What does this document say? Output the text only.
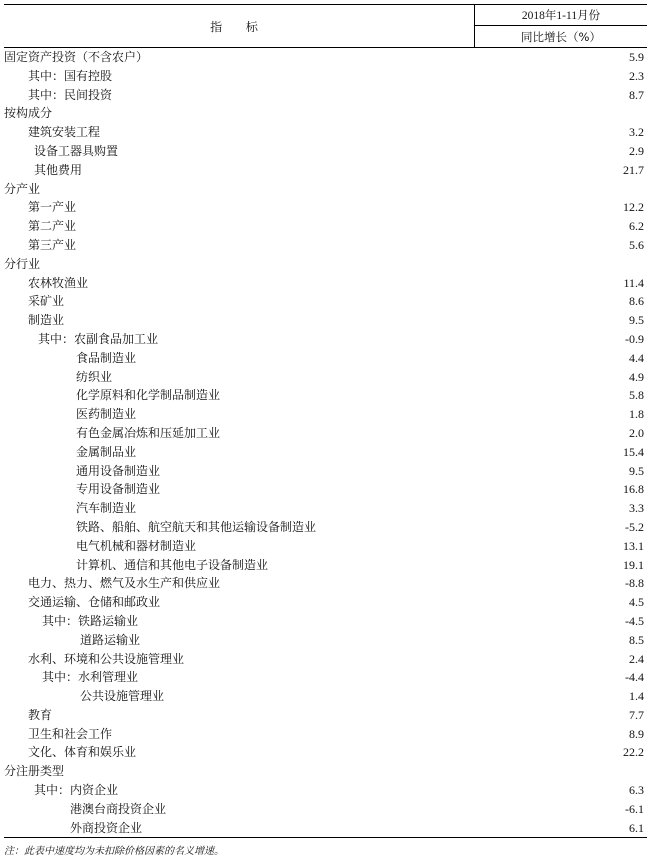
指 标
2018年1-11月份
同比增长（%）
固定资产投资（不含农户）	5.9
其中：国有控股	2.3
其中：民间投资	8.7
按构成分
建筑安装工程	3.2
设备工器具购置	2.9
其他费用	21.7
分产业
第一产业	12.2
第二产业	6.2
第三产业	5.6
分行业
农林牧渔业	11.4
采矿业	8.6
制造业	9.5
其中：农副食品加工业	-0.9
食品制造业	4.4
纺织业	4.9
化学原料和化学制品制造业	5.8
医药制造业	1.8
有色金属冶炼和压延加工业	2.0
金属制品业	15.4
通用设备制造业	9.5
专用设备制造业	16.8
汽车制造业	3.3
铁路、船舶、航空航天和其他运输设备制造业	-5.2
电气机械和器材制造业	13.1
计算机、通信和其他电子设备制造业	19.1
电力、热力、燃气及水生产和供应业	-8.8
交通运输、仓储和邮政业	4.5
其中：铁路运输业	-4.5
道路运输业	8.5
水利、环境和公共设施管理业	2.4
其中：水利管理业	-4.4
公共设施管理业	1.4
教育	7.7
卫生和社会工作	8.9
文化、体育和娱乐业	22.2
分注册类型
其中：内资企业	6.3
港澳台商投资企业	-6.1
外商投资企业	6.1
注：此表中速度均为未扣除价格因素的名义增速。
